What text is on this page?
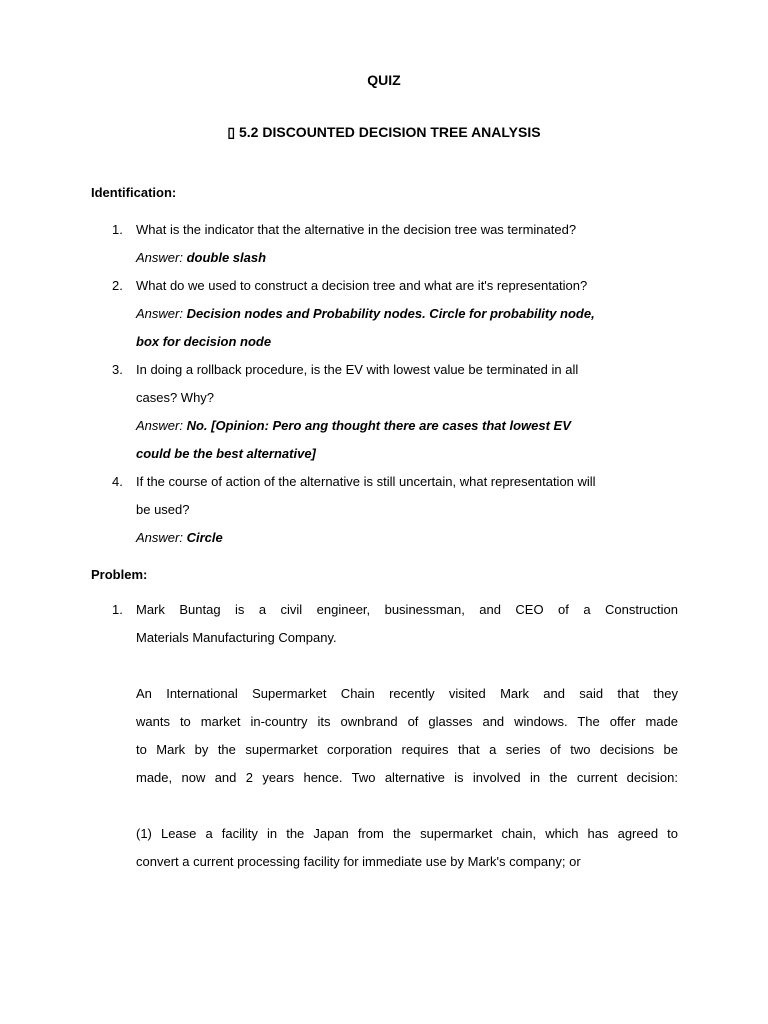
QUIZ
▯ 5.2 DISCOUNTED DECISION TREE ANALYSIS
Identification:
1. What is the indicator that the alternative in the decision tree was terminated?
Answer: double slash
2. What do we used to construct a decision tree and what are it's representation?
Answer: Decision nodes and Probability nodes. Circle for probability node,
box for decision node
3. In doing a rollback procedure, is the EV with lowest value be terminated in all
cases? Why?
Answer: No. [Opinion: Pero ang thought there are cases that lowest EV
could be the best alternative]
4. If the course of action of the alternative is still uncertain, what representation will
be used?
Answer: Circle
Problem:
1. Mark Buntag is a civil engineer, businessman, and CEO of a Construction
Materials Manufacturing Company.
An International Supermarket Chain recently visited Mark and said that they
wants to market in-country its ownbrand of glasses and windows. The offer made
to Mark by the supermarket corporation requires that a series of two decisions be
made, now and 2 years hence. Two alternative is involved in the current decision:
(1) Lease a facility in the Japan from the supermarket chain, which has agreed to
convert a current processing facility for immediate use by Mark's company; or
